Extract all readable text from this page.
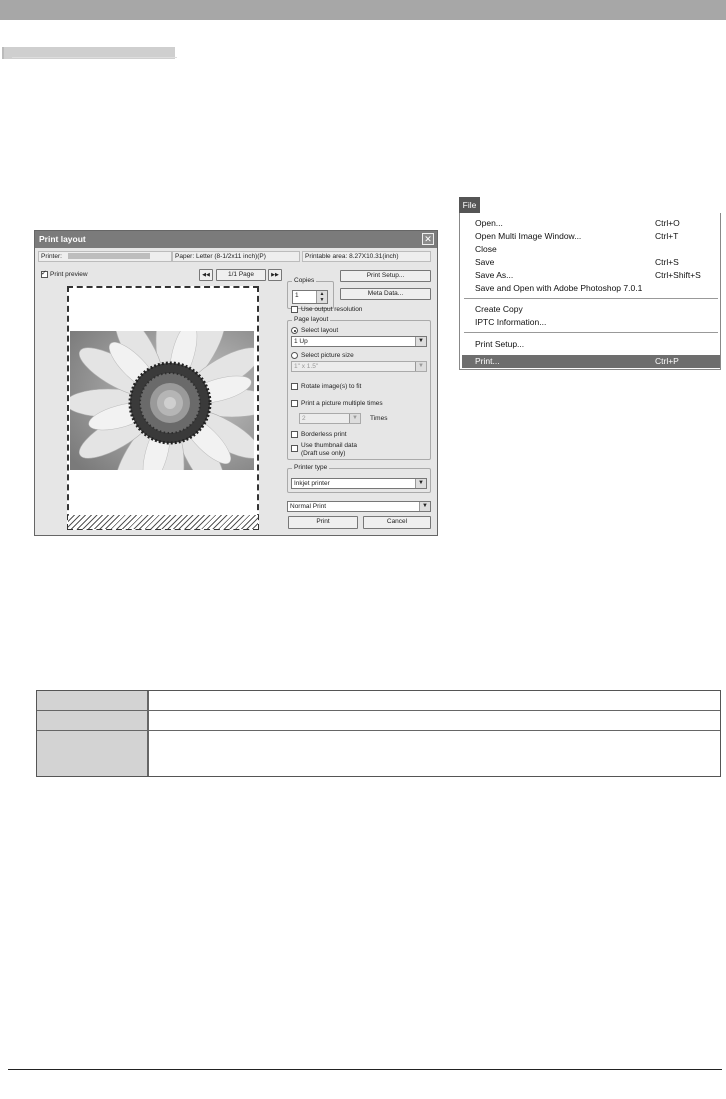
Print layout	✕
Printer:	Paper: Letter (8-1/2x11 inch)(P)	Printable area: 8.27X10.31(inch)
✓
Print preview	◀◀	1/1 Page	▶▶
Copies
1	▲
▼
Print Setup...
Meta Data...
Use output resolution
Page layout
Select layout
1 Up	▼
Select picture size
1" x 1.5"	▼
Rotate image(s) to fit
Print a picture multiple times
2	▼	Times
Borderless print
Use thumbnail data
(Draft use only)
Printer type
Inkjet printer	▼
Normal Print	▼
Print	Cancel
File
Open...	Ctrl+O
Open Multi Image Window...	Ctrl+T
Close
Save	Ctrl+S
Save As...	Ctrl+Shift+S
Save and Open with Adobe Photoshop 7.0.1
Create Copy
IPTC Information...
Print Setup...
Print...	Ctrl+P
